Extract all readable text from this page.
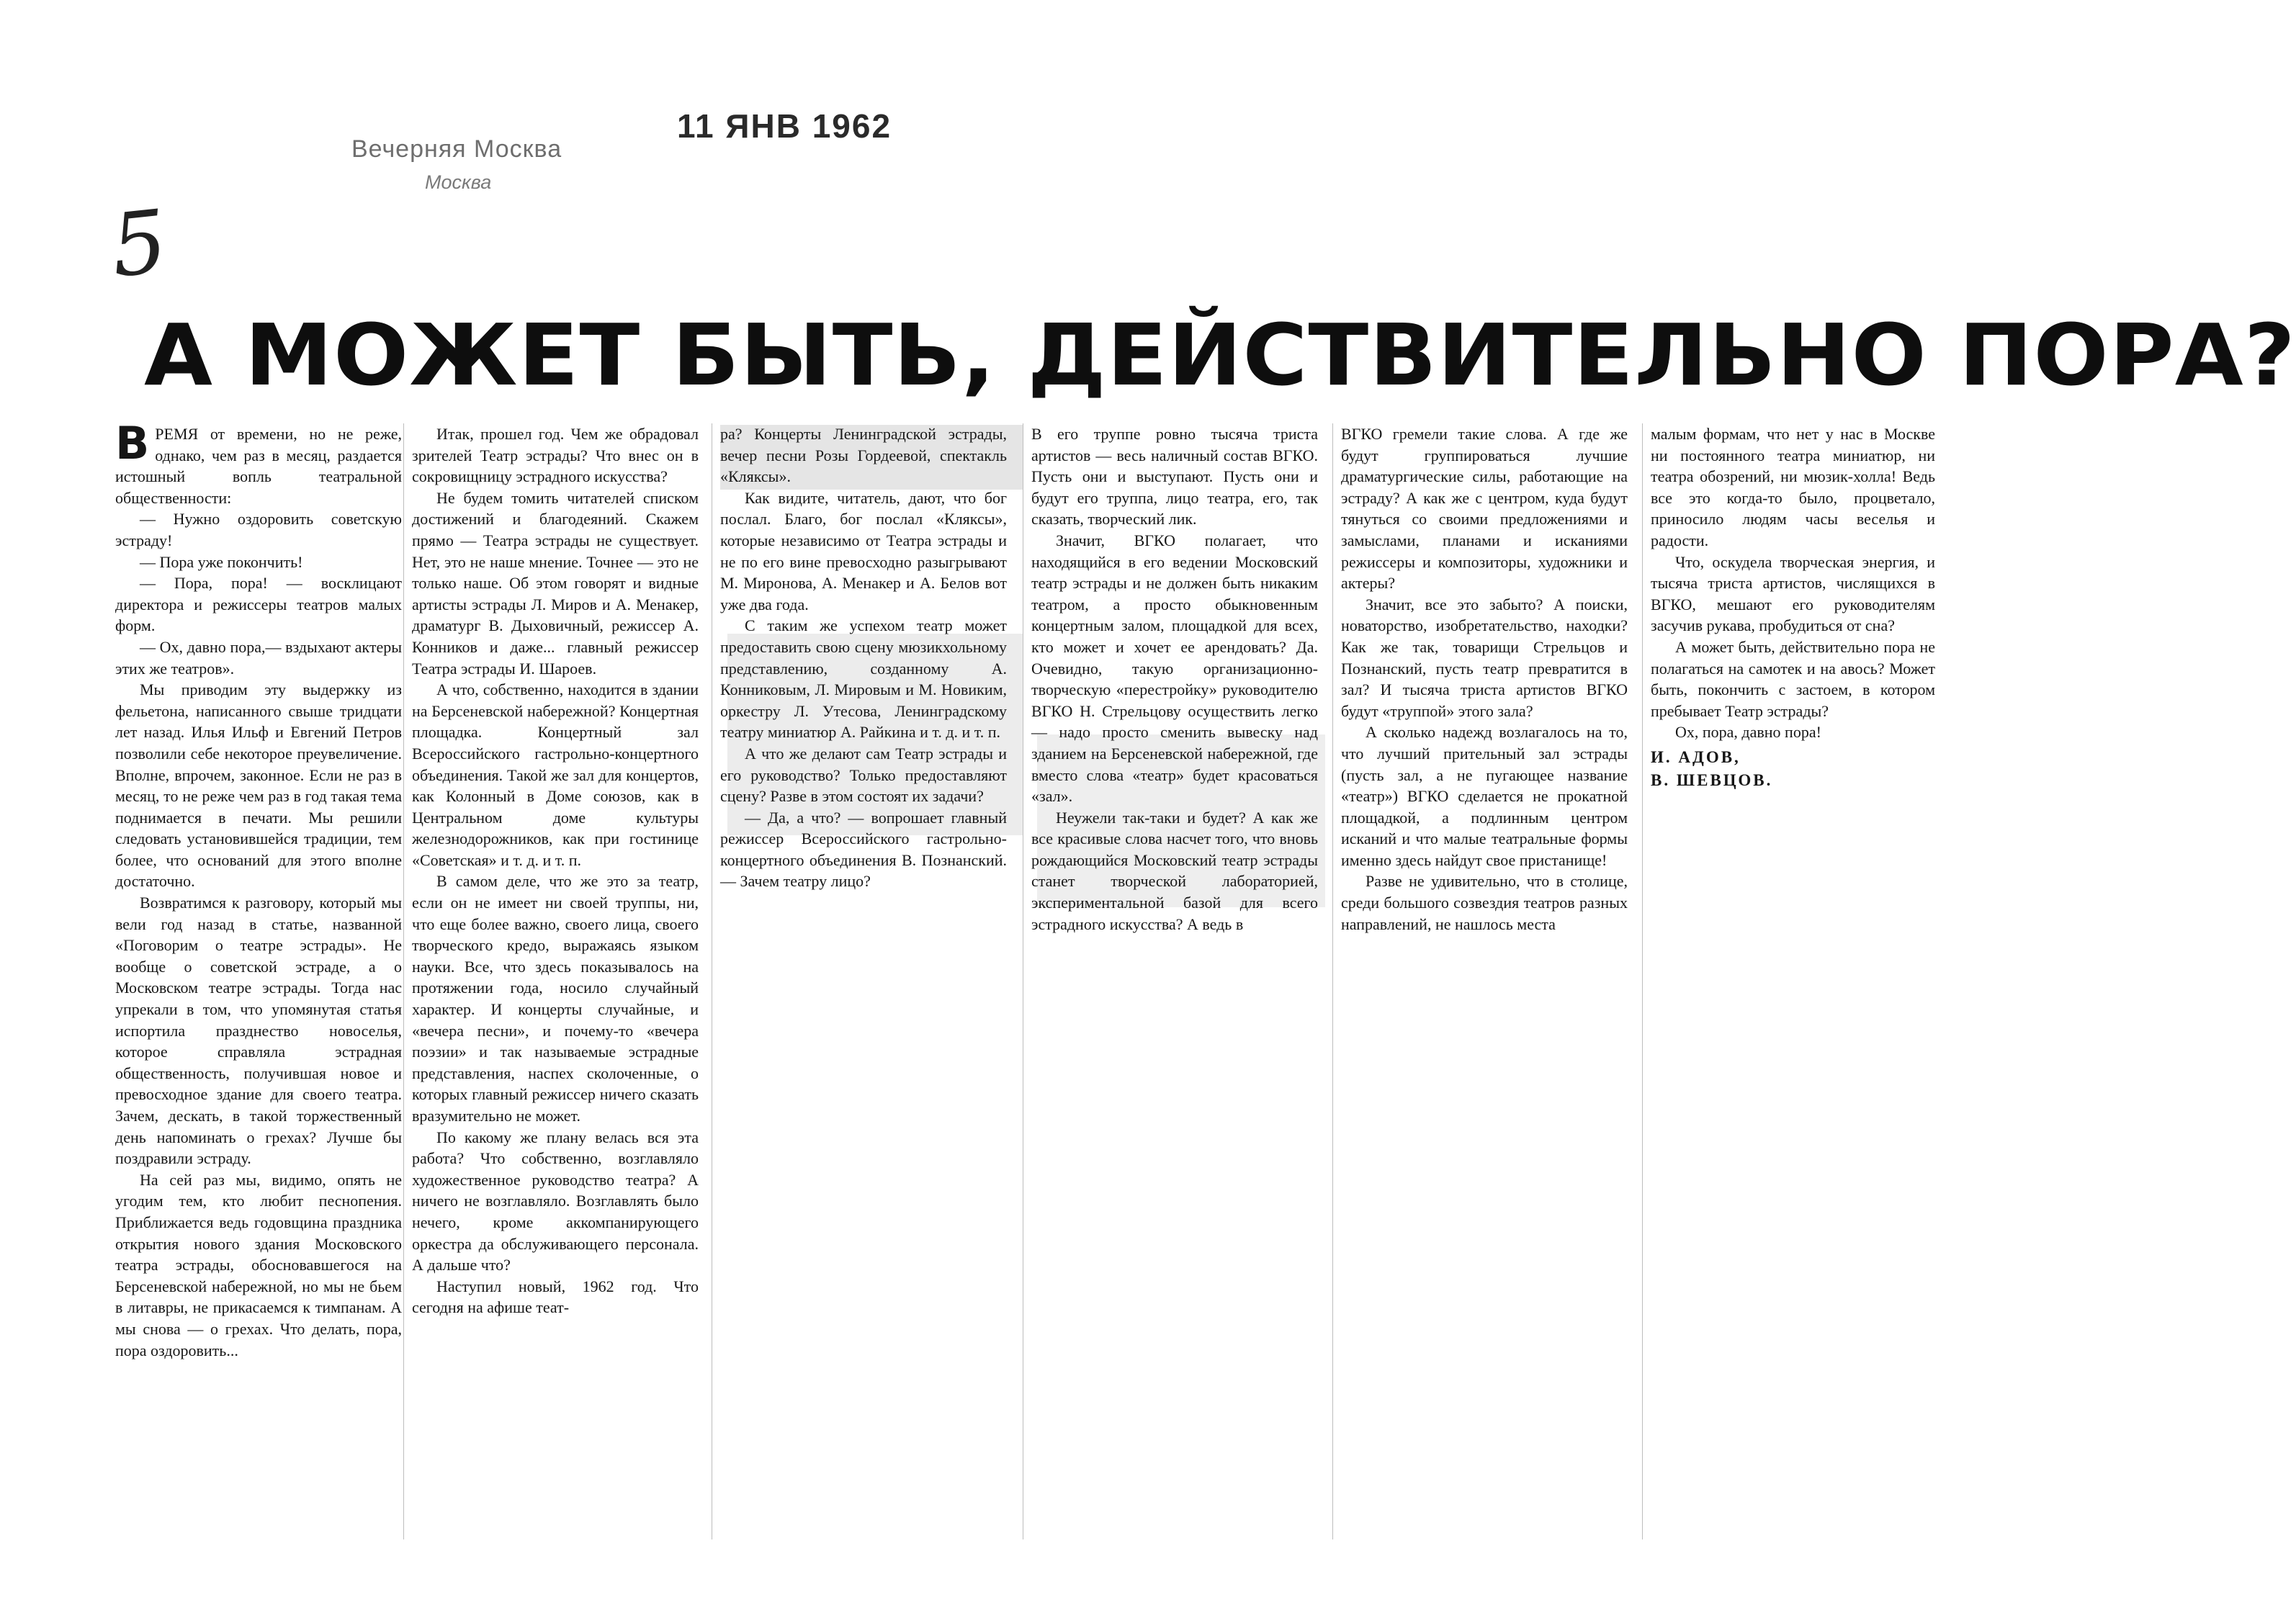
Вечерняя Москва
Москва
11 ЯНВ 1962
5
А МОЖЕТ БЫТЬ, ДЕЙСТВИТЕЛЬНО ПОРА?

ВРЕМЯ от времени, но не реже, однако, чем раз в месяц, раздается истошный вопль театральной общественности:

— Нужно оздоровить советскую эстраду!

— Пора уже покончить!

— Пора, пора! — восклицают директора и режиссеры театров малых форм.

— Ох, давно пора,— вздыхают актеры этих же театров».

Мы приводим эту выдержку из фельетона, написанного свыше тридцати лет назад. Илья Ильф и Евгений Петров позволили себе некоторое преувеличение. Вполне, впрочем, законное. Если не раз в месяц, то не реже чем раз в год такая тема поднимается в печати. Мы решили следовать установившейся традиции, тем более, что оснований для этого вполне достаточно.

Возвратимся к разговору, который мы вели год назад в статье, названной «Поговорим о театре эстрады». Не вообще о советской эстраде, а о Московском театре эстрады. Тогда нас упрекали в том, что упомянутая статья испортила празднество новоселья, которое справляла эстрадная общественность, получившая новое и превосходное здание для своего театра. Зачем, дескать, в такой торжественный день напоминать о грехах? Лучше бы поздравили эстраду.

На сей раз мы, видимо, опять не угодим тем, кто любит песнопения. Приближается ведь годовщина праздника открытия нового здания Московского театра эстрады, обосновавшегося на Берсеневской набережной, но мы не бьем в литавры, не прикасаемся к тимпанам. А мы снова — о грехах. Что делать, пора, пора оздоровить...

Итак, прошел год. Чем же обрадовал зрителей Театр эстрады? Что внес он в сокровищницу эстрадного искусства?

Не будем томить читателей списком достижений и благодеяний. Скажем прямо — Театра эстрады не существует. Нет, это не наше мнение. Точнее — это не только наше. Об этом говорят и видные артисты эстрады Л. Миров и А. Менакер, драматург В. Дыховичный, режиссер А. Конников и даже... главный режиссер Театра эстрады И. Шароев.

А что, собственно, находится в здании на Берсеневской набережной? Концертная площадка. Концертный зал Всероссийского гастрольно-концертного объединения. Такой же зал для концертов, как Колонный в Доме союзов, как в Центральном доме культуры железнодорожников, как при гостинице «Советская» и т. д. и т. п.

В самом деле, что же это за театр, если он не имеет ни своей труппы, ни, что еще более важно, своего лица, своего творческого кредо, выражаясь языком науки. Все, что здесь показывалось на протяжении года, носило случайный характер. И концерты случайные, и «вечера песни», и почему-то «вечера поэзии» и так называемые эстрадные представления, наспех сколоченные, о которых главный режиссер ничего сказать вразумительно не может.

По какому же плану велась вся эта работа? Что собственно, возглавляло художественное руководство театра? А ничего не возглавляло. Возглавлять было нечего, кроме аккомпанирующего оркестра да обслуживающего персонала. А дальше что?

Наступил новый, 1962 год. Что сегодня на афише теат-

ра? Концерты Ленинградской эстрады, вечер песни Розы Гордеевой, спектакль «Кляксы».

Как видите, читатель, дают, что бог послал. Благо, бог послал «Кляксы», которые независимо от Театра эстрады и не по его вине превосходно разыгрывают М. Миронова, А. Менакер и А. Белов вот уже два года.

С таким же успехом театр может предоставить свою сцену мюзикхольному представлению, созданному А. Конниковым, Л. Мировым и М. Новиким, оркестру Л. Утесова, Ленинградскому театру миниатюр А. Райкина и т. д. и т. п.

А что же делают сам Театр эстрады и его руководство? Только предоставляют сцену? Разве в этом состоят их задачи?

— Да, а что? — вопрошает главный режиссер Всероссийского гастрольно-концертного объединения В. Познанский. — Зачем театру лицо?

В его труппе ровно тысяча триста артистов — весь наличный состав ВГКО. Пусть они и выступают. Пусть они и будут его труппа, лицо театра, его, так сказать, творческий лик.

Значит, ВГКО полагает, что находящийся в его ведении Московский театр эстрады и не должен быть никаким театром, а просто обыкновенным концертным залом, площадкой для всех, кто может и хочет ее арендовать? Да. Очевидно, такую организационно-творческую «перестройку» руководителю ВГКО Н. Стрельцову осуществить легко — надо просто сменить вывеску над зданием на Берсеневской набережной, где вместо слова «театр» будет красоваться «зал».

Неужели так-таки и будет? А как же все красивые слова насчет того, что вновь рождающийся Московский театр эстрады станет творческой лабораторией, экспериментальной базой для всего эстрадного искусства? А ведь в

ВГКО гремели такие слова. А где же будут группироваться лучшие драматургические силы, работающие на эстраду? А как же с центром, куда будут тянуться со своими предложениями и замыслами, планами и исканиями режиссеры и композиторы, художники и актеры?

Значит, все это забыто? А поиски, новаторство, изобретательство, находки? Как же так, товарищи Стрельцов и Познанский, пусть театр превратится в зал? И тысяча триста артистов ВГКО будут «труппой» этого зала?

А сколько надежд возлагалось на то, что лучший прительный зал эстрады (пусть зал, а не пугающее название «театр») ВГКО сделается не прокатной площадкой, а подлинным центром исканий и что малые театральные формы именно здесь найдут свое пристанище!

Разве не удивительно, что в столице, среди большого созвездия театров разных направлений, не нашлось места

малым формам, что нет у нас в Москве ни постоянного театра миниатюр, ни театра обозрений, ни мюзик-холла! Ведь все это когда-то было, процветало, приносило людям часы веселья и радости.

Что, оскудела творческая энергия, и тысяча триста артистов, числящихся в ВГКО, мешают его руководителям засучив рукава, пробудиться от сна?

А может быть, действительно пора не полагаться на самотек и на авось? Может быть, покончить с застоем, в котором пребывает Театр эстрады?

Ох, пора, давно пора!

И. АДОВ,
В. ШЕВЦОВ.
